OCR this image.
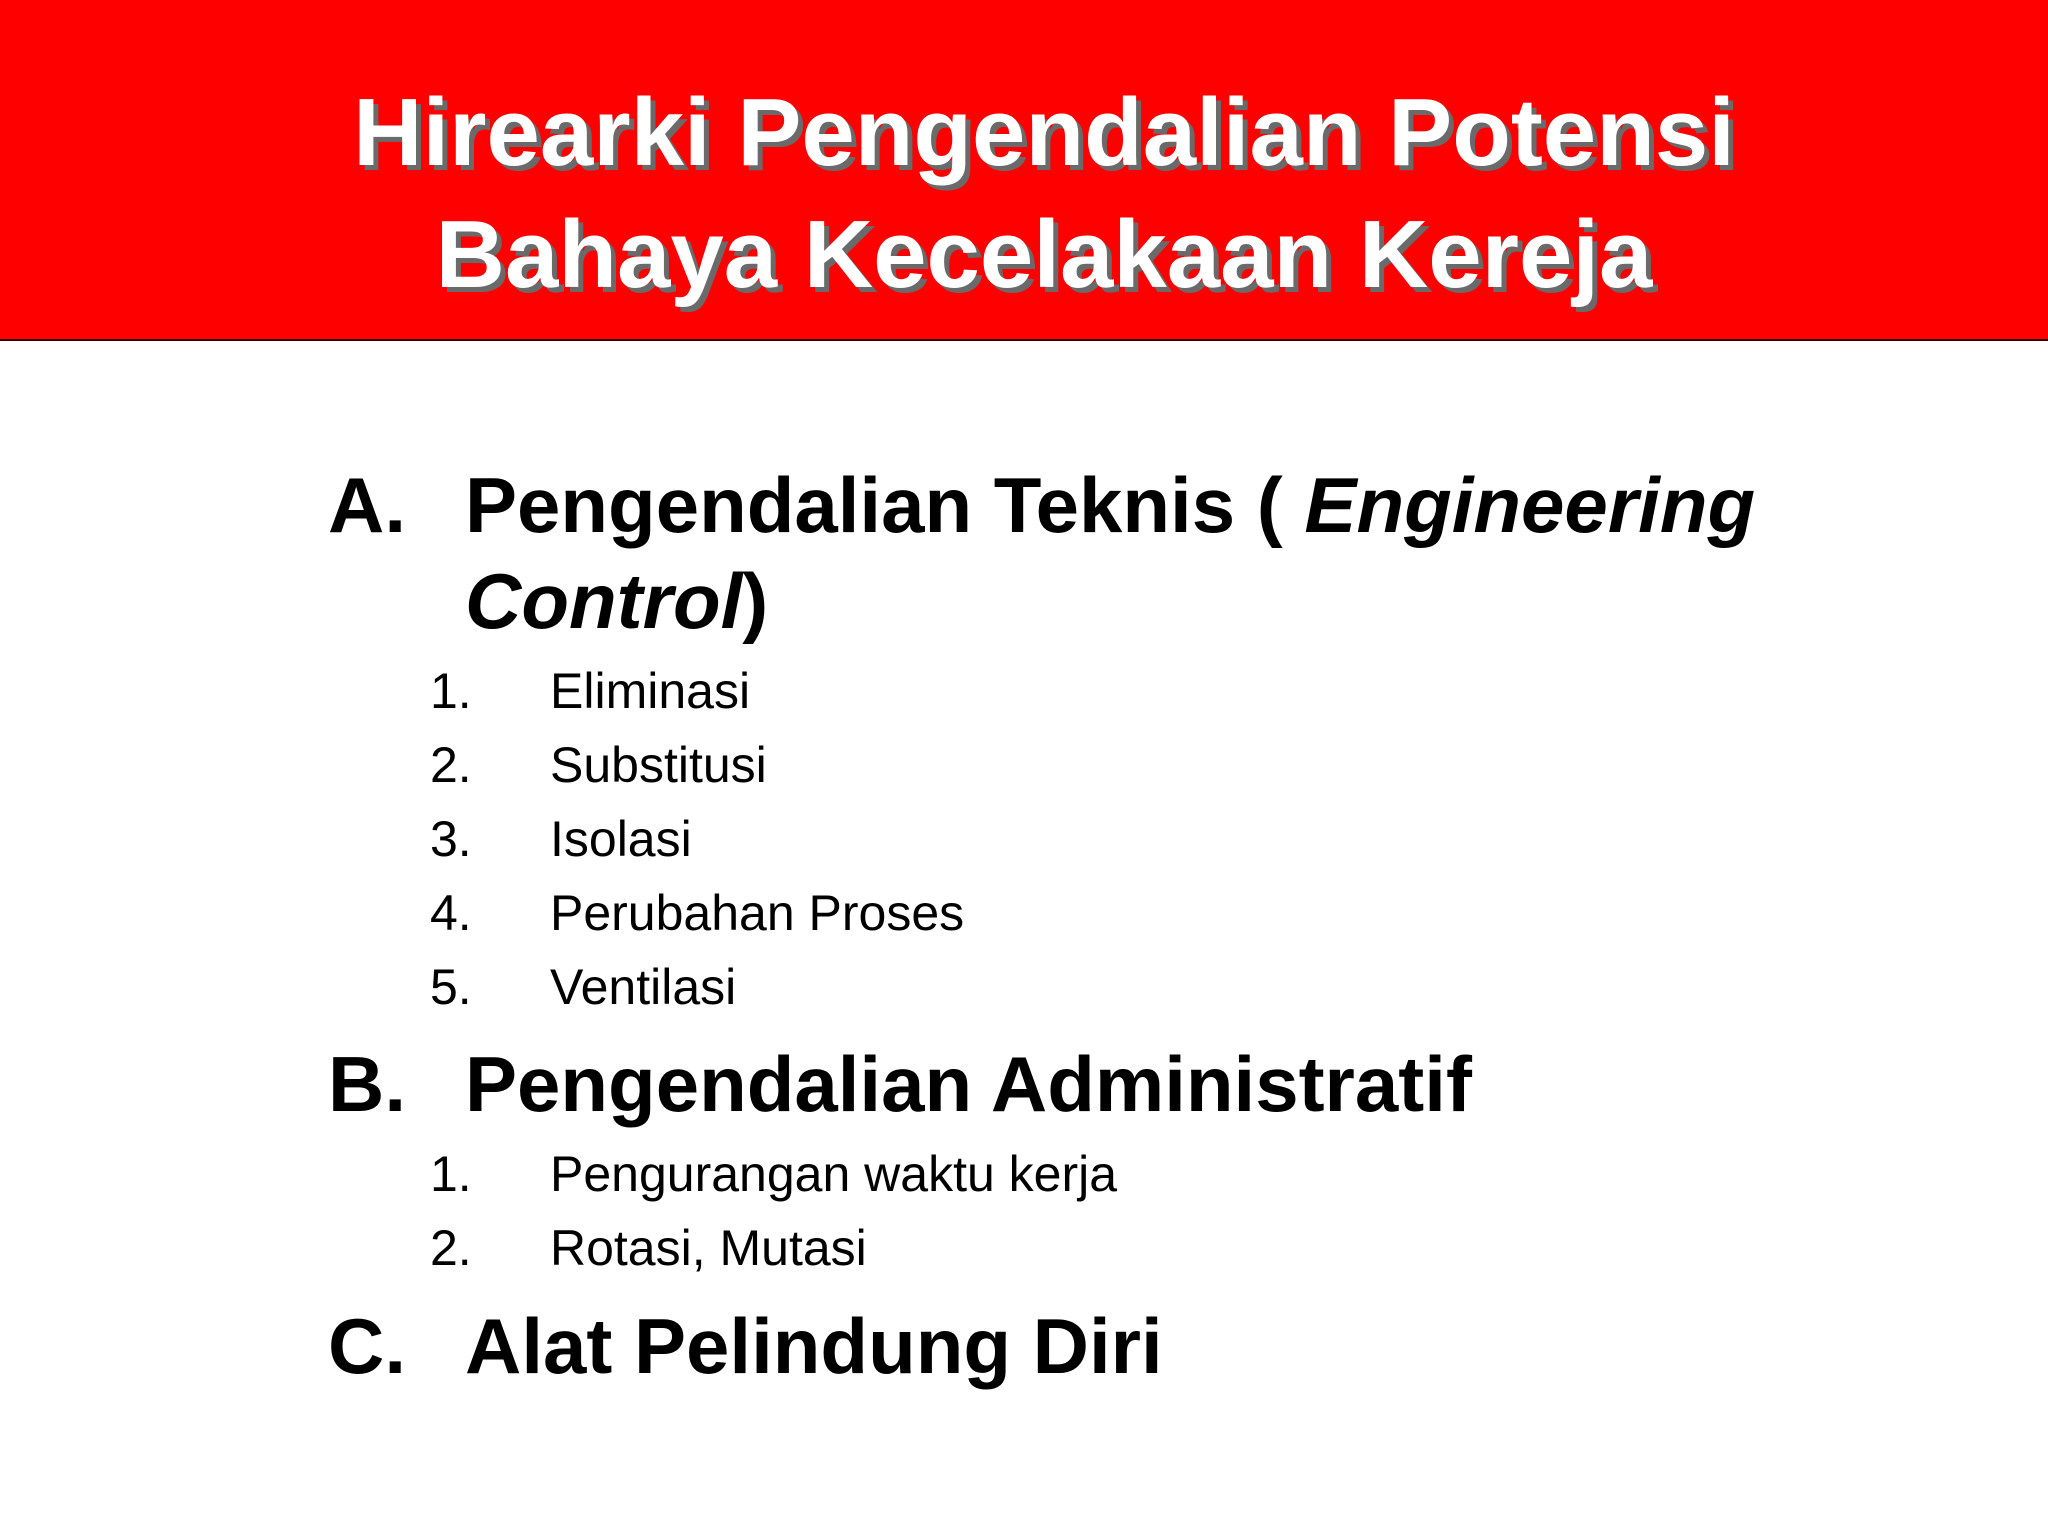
Hirearki Pengendalian Potensi
Bahaya Kecelakaan Kereja

A. Pengendalian Teknis ( Engineering

Control)

1. Eliminasi

2. Substitusi

3. Isolasi

4. Perubahan Proses

5. Ventilasi

B. Pengendalian Administratif

1. Pengurangan waktu kerja

2. Rotasi, Mutasi

C. Alat Pelindung Diri
